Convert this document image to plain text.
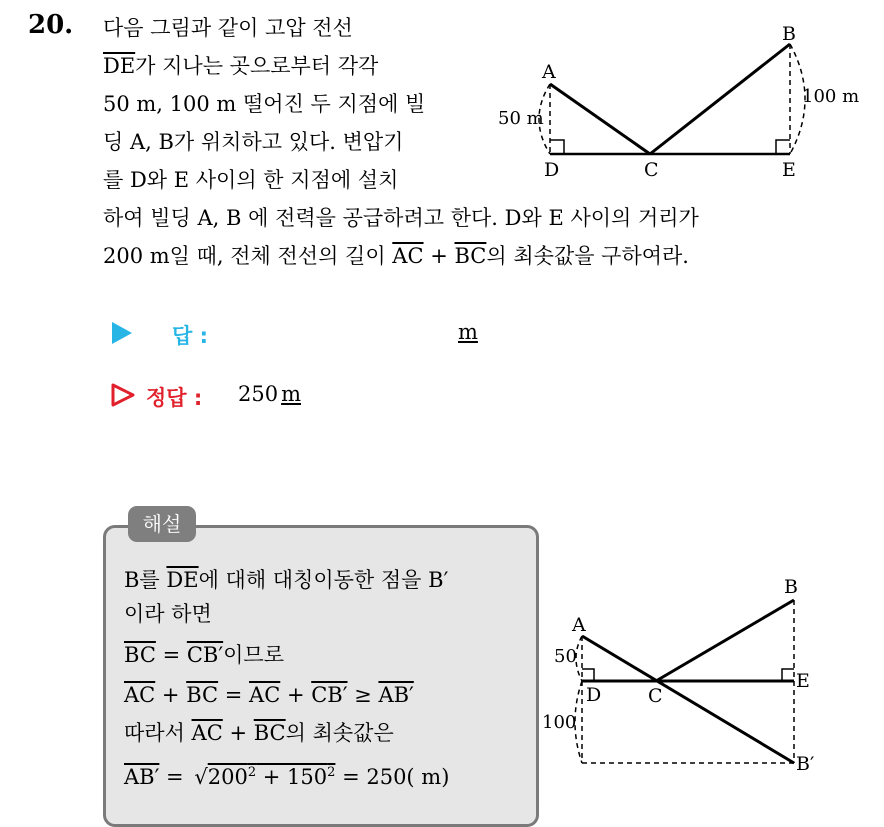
20. 다음 그림과 같이 고압 전선
$\overline{DE}$가 지나는 곳으로부터 각각
50 m, 100 m 떨어진 두 지점에 빌
딩 A, B가 위치하고 있다. 변압기
를 D와 E 사이의 한 지점에 설치
하여 빌딩 A, B 에 전력을 공급하려고 한다. D와 E 사이의 거리가
200 m일 때, 전체 전선의 길이 $\overline{AC} + \overline{BC}$의 최솟값을 구하여라.
A
B
C
D	E
50 m
100 m
답 :	m
정답 : 250 m
해설
B를 $\overline{DE}$에 대해 대칭이동한 점을 B′
이라 하면
$\overline{BC} = CB'$이므로
$\overline{AC} + \overline{BC} = \overline{AC} + CB' \ge AB'$
따라서 $\overline{AC} + \overline{BC}$의 최솟값은
$AB' = √200^2 + 150^2 = 250$( m)
A
B
C
D
E
B′
50
100
